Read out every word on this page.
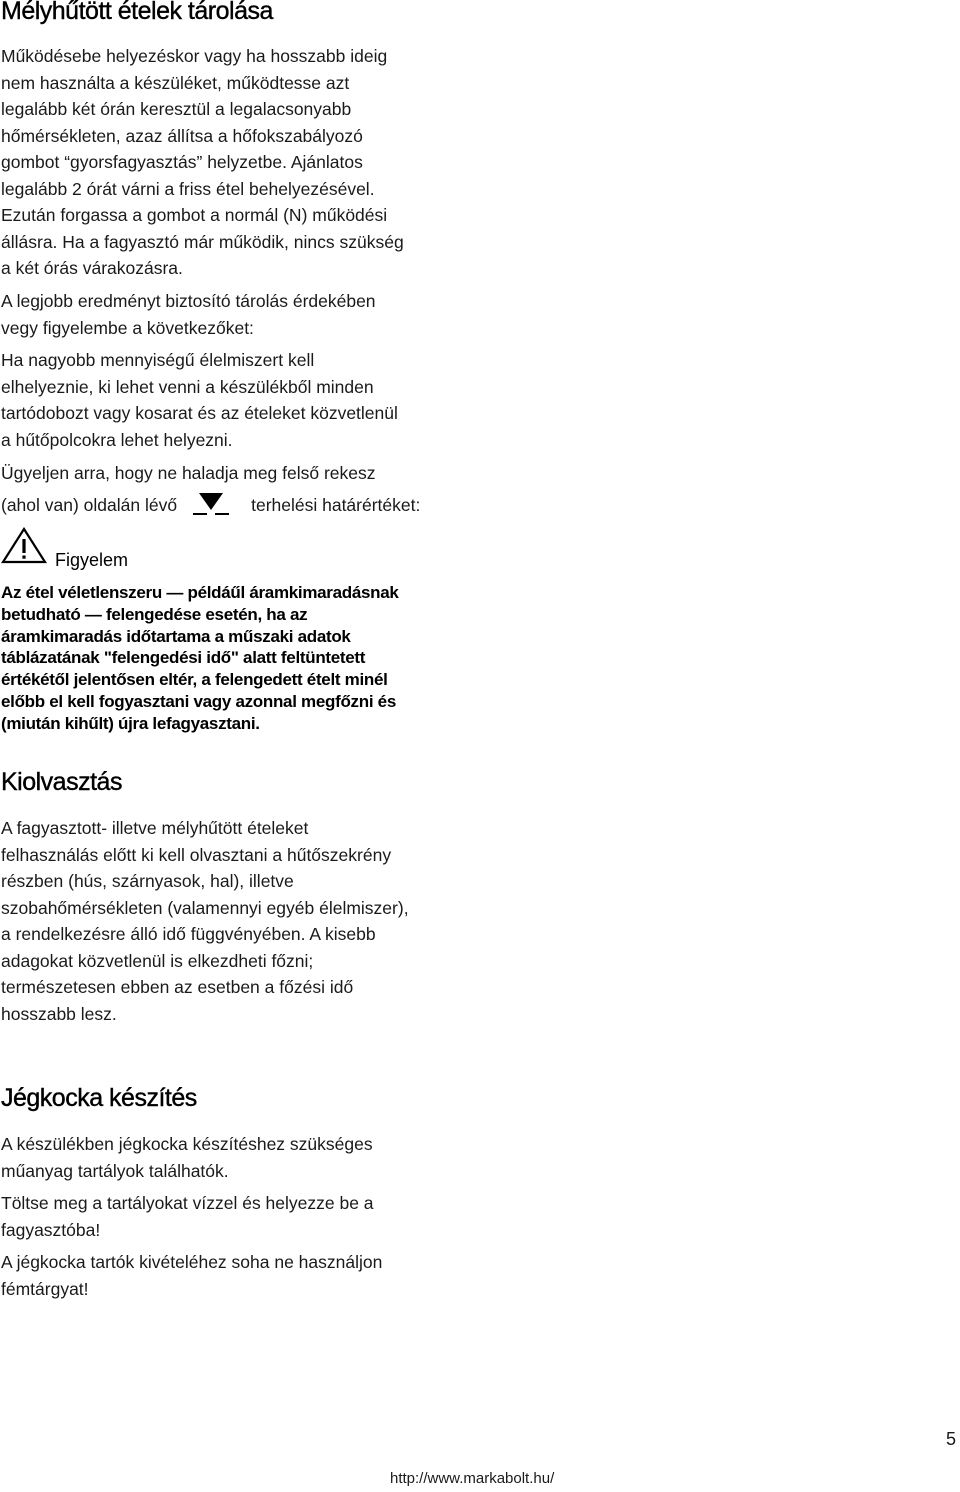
Mélyhűtött ételek tárolása

Működésebe helyezéskor vagy ha hosszabb ideig
nem használta a készüléket, működtesse azt
legalább két órán keresztül a legalacsonyabb
hőmérsékleten, azaz állítsa a hőfokszabályozó
gombot “gyorsfagyasztás” helyzetbe. Ajánlatos
legalább 2 órát várni a friss étel behelyezésével.
Ezután forgassa a gombot a normál (N) működési
állásra. Ha a fagyasztó már működik, nincs szükség
a két órás várakozásra.

A legjobb eredményt biztosító tárolás érdekében
vegy figyelembe a következőket:

Ha nagyobb mennyiségű élelmiszert kell
elhelyeznie, ki lehet venni a készülékből minden
tartódobozt vagy kosarat és az ételeket közvetlenül
a hűtőpolcokra lehet helyezni.

Ügyeljen arra, hogy ne haladja meg felső rekesz

(ahol van) oldalán lévő	terhelési határértéket:
Figyelem

Az étel véletlenszeru — példáűl áramkimaradásnak
betudható — felengedése esetén, ha az
áramkimaradás időtartama a műszaki adatok
táblázatának "felengedési idő" alatt feltüntetett
értékétől jelentősen eltér, a felengedett ételt minél
előbb el kell fogyasztani vagy azonnal megfőzni és
(miután kihűlt) újra lefagyasztani.

Kiolvasztás

A fagyasztott- illetve mélyhűtött ételeket
felhasználás előtt ki kell olvasztani a hűtőszekrény
részben (hús, szárnyasok, hal), illetve
szobahőmérsékleten (valamennyi egyéb élelmiszer),
a rendelkezésre álló idő függvényében. A kisebb
adagokat közvetlenül is elkezdheti főzni;
természetesen ebben az esetben a főzési idő
hosszabb lesz.

Jégkocka készítés

A készülékben jégkocka készítéshez szükséges
műanyag tartályok találhatók.

Töltse meg a tartályokat vízzel és helyezze be a
fagyasztóba!

A jégkocka tartók kivételéhez soha ne használjon
fémtárgyat!

5
http://www.markabolt.hu/
